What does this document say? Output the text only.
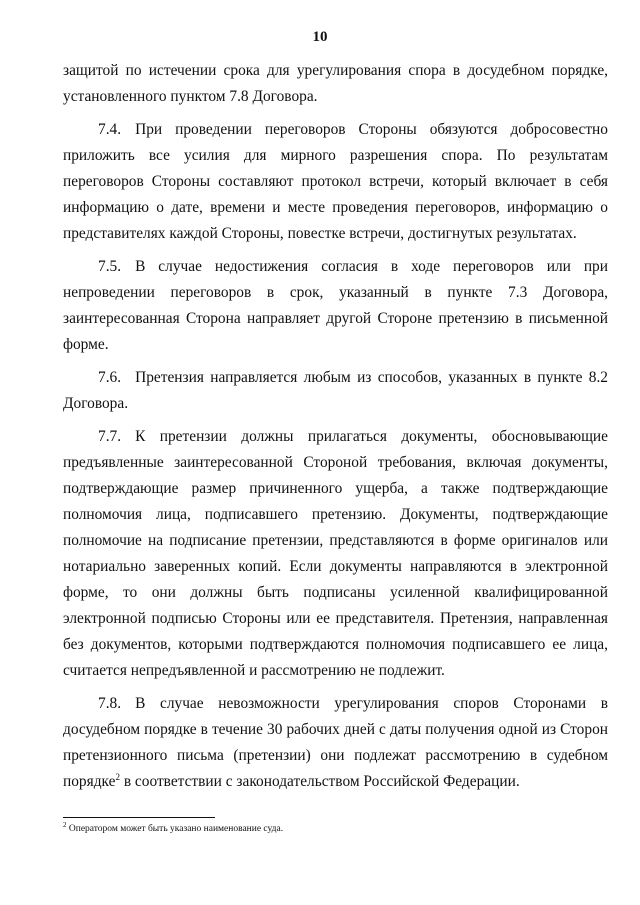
10

защитой по истечении срока для урегулирования спора в досудебном порядке, установленного пунктом 7.8 Договора.

7.4. При проведении переговоров Стороны обязуются добросовестно приложить все усилия для мирного разрешения спора. По результатам переговоров Стороны составляют протокол встречи, который включает в себя информацию о дате, времени и месте проведения переговоров, информацию о представителях каждой Стороны, повестке встречи, достигнутых результатах.

7.5. В случае недостижения согласия в ходе переговоров или при непроведении переговоров в срок, указанный в пункте 7.3 Договора, заинтересованная Сторона направляет другой Стороне претензию в письменной форме.

7.6. Претензия направляется любым из способов, указанных в пункте 8.2 Договора.

7.7. К претензии должны прилагаться документы, обосновывающие предъявленные заинтересованной Стороной требования, включая документы, подтверждающие размер причиненного ущерба, а также подтверждающие полномочия лица, подписавшего претензию. Документы, подтверждающие полномочие на подписание претензии, представляются в форме оригиналов или нотариально заверенных копий. Если документы направляются в электронной форме, то они должны быть подписаны усиленной квалифицированной электронной подписью Стороны или ее представителя. Претензия, направленная без документов, которыми подтверждаются полномочия подписавшего ее лица, считается непредъявленной и рассмотрению не подлежит.

7.8. В случае невозможности урегулирования споров Сторонами в досудебном порядке в течение 30 рабочих дней с даты получения одной из Сторон претензионного письма (претензии) они подлежат рассмотрению в судебном порядке$^2$ в соответствии с законодательством Российской Федерации.

$^2$ Оператором может быть указано наименование суда.
